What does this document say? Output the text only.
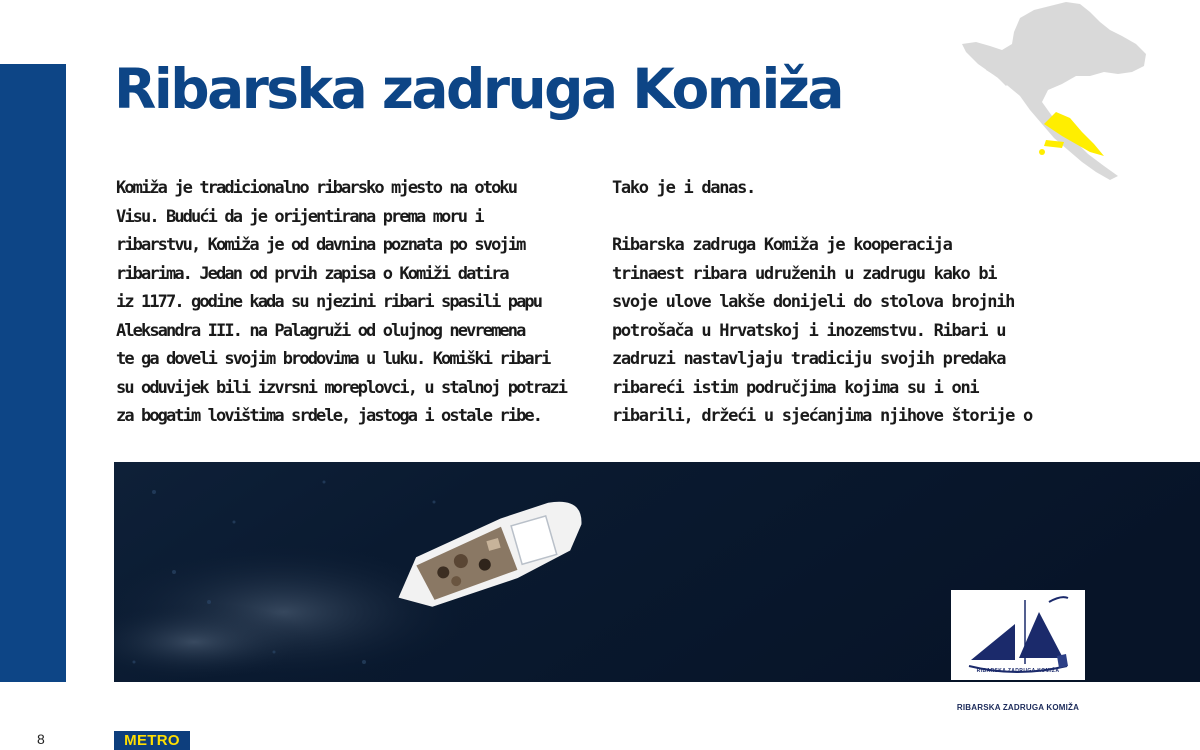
Ribarska zadruga Komiža
Komiža je tradicionalno ribarsko mjesto na otoku
Visu. Budući da je orijentirana prema moru i
ribarstvu, Komiža je od davnina poznata po svojim
ribarima. Jedan od prvih zapisa o Komiži datira
iz 1177. godine kada su njezini ribari spasili papu
Aleksandra III. na Palagruži od olujnog nevremena
te ga doveli svojim brodovima u luku. Komiški ribari
su oduvijek bili izvrsni moreplovci, u stalnoj potrazi
za bogatim lovištima srdele, jastoga i ostale ribe.
Tako je i danas.
Ribarska zadruga Komiža je kooperacija
trinaest ribara udruženih u zadrugu kako bi
svoje ulove lakše donijeli do stolova brojnih
potrošača u Hrvatskoj i inozemstvu. Ribari u
zadruzi nastavljaju tradiciju svojih predaka
ribareći istim područjima kojima su i oni
ribarili, držeći u sjećanjima njihove štorije o
RIBARSKA ZADRUGA KOMIŽA
RIBARSKA ZADRUGA KOMIŽA
8	METRO
